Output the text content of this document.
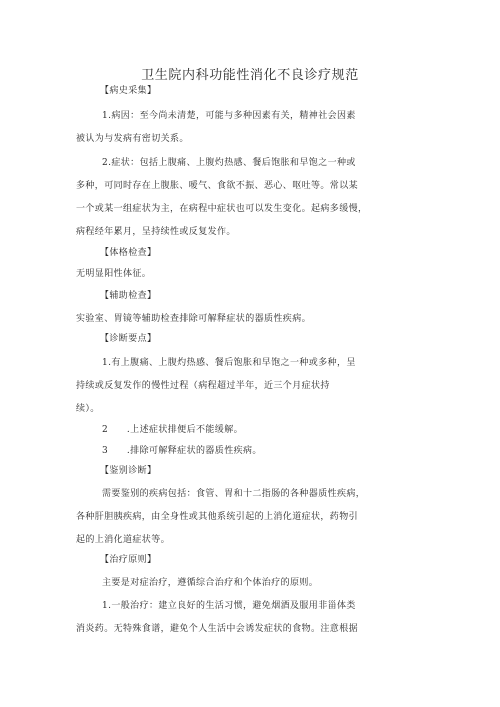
卫生院内科功能性消化不良诊疗规范
【病史采集】
1.病因：至今尚未清楚，可能与多种因素有关，精神社会因素
被认为与发病有密切关系。
2.症状：包括上腹痛、上腹灼热感、餐后饱胀和早饱之一种或
多种，可同时存在上腹胀、嗳气、食欲不振、恶心、呕吐等。常以某
一个或某一组症状为主，在病程中症状也可以发生变化。起病多缓慢，
病程经年累月，呈持续性或反复发作。
【体格检查】
无明显阳性体征。
【辅助检查】
实验室、胃镜等辅助检查排除可解释症状的器质性疾病。
【诊断要点】
1.有上腹痛、上腹灼热感、餐后饱胀和早饱之一种或多种，呈
持续或反复发作的慢性过程（病程超过半年，近三个月症状持
续）。
2　　.上述症状排便后不能缓解。
3　　.排除可解释症状的器质性疾病。
【鉴别诊断】
需要鉴别的疾病包括：食管、胃和十二指肠的各种器质性疾病，
各种肝胆胰疾病，由全身性或其他系统引起的上消化道症状，药物引
起的上消化道症状等。
【治疗原则】
主要是对症治疗，遵循综合治疗和个体治疗的原则。
1.一般治疗：建立良好的生活习惯，避免烟酒及服用非甾体类
消炎药。无特殊食谱，避免个人生活中会诱发症状的食物。注意根据
